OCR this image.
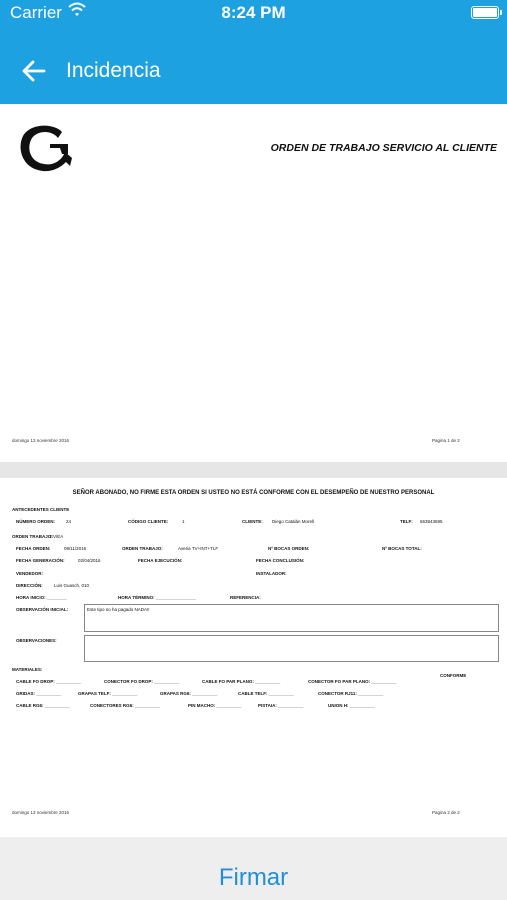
Carrier	8:24 PM
Incidencia
ORDEN DE TRABAJO SERVICIO AL CLIENTE
domingo 13 noviembre 2016	Pagina 1 de 2
SEÑOR ABONADO, NO FIRME ESTA ORDEN SI USTEO NO ESTÁ CONFORME CON EL DESEMPEÑO DE NUESTRO PERSONAL
ANTECEDENTES CLIENTE
NÚMERO ORDEN: 24	CÓDIGO CLIENTE:	1	CLIENTE: Diego Catalán Morell	TELF: 663843695
ORDEN TRABAJO
EV/EA
FECHA ORDEN:	09/11/2016	ORDEN TRABAJO:	Averia TV+INT+TLF	Nº BOCAS ORDEN:	Nº BOCAS TOTAL:
FECHA GENERACIÓN:	02/04/2016	FECHA EJECUCIÓN:	FECHA CONCLUSIÓN:
VENDEDOR:	INSTALADOR:
DIRECCIÓN:	Luis Guasch, 010
HORA INICIO: ________	HORA TÉRMINO: ________________	REFERENCIA:
OBSERVACIÓN INICIAL:	Este tipo no ha pagado NADA!!
OBSERVACIONES:
MATERIALES:
CONFORME
CABLE FO DROP: __________	CONECTOR FO DROP: __________	CABLE FO PAR PLANO: __________	CONECTOR FO PAR PLANO: __________
GRIDAS: __________	GRAPAS TELF: __________	GRAPAS RG6: __________	CABLE TELF: __________	CONECTOR RJ11: __________
CABLE RG6: __________	CONECTORES RG6: __________	PIN MACHO: __________	PISTAIA: __________	UNION H: __________
domingo 13 noviembre 2016	Pagina 2 de 2
Firmar
